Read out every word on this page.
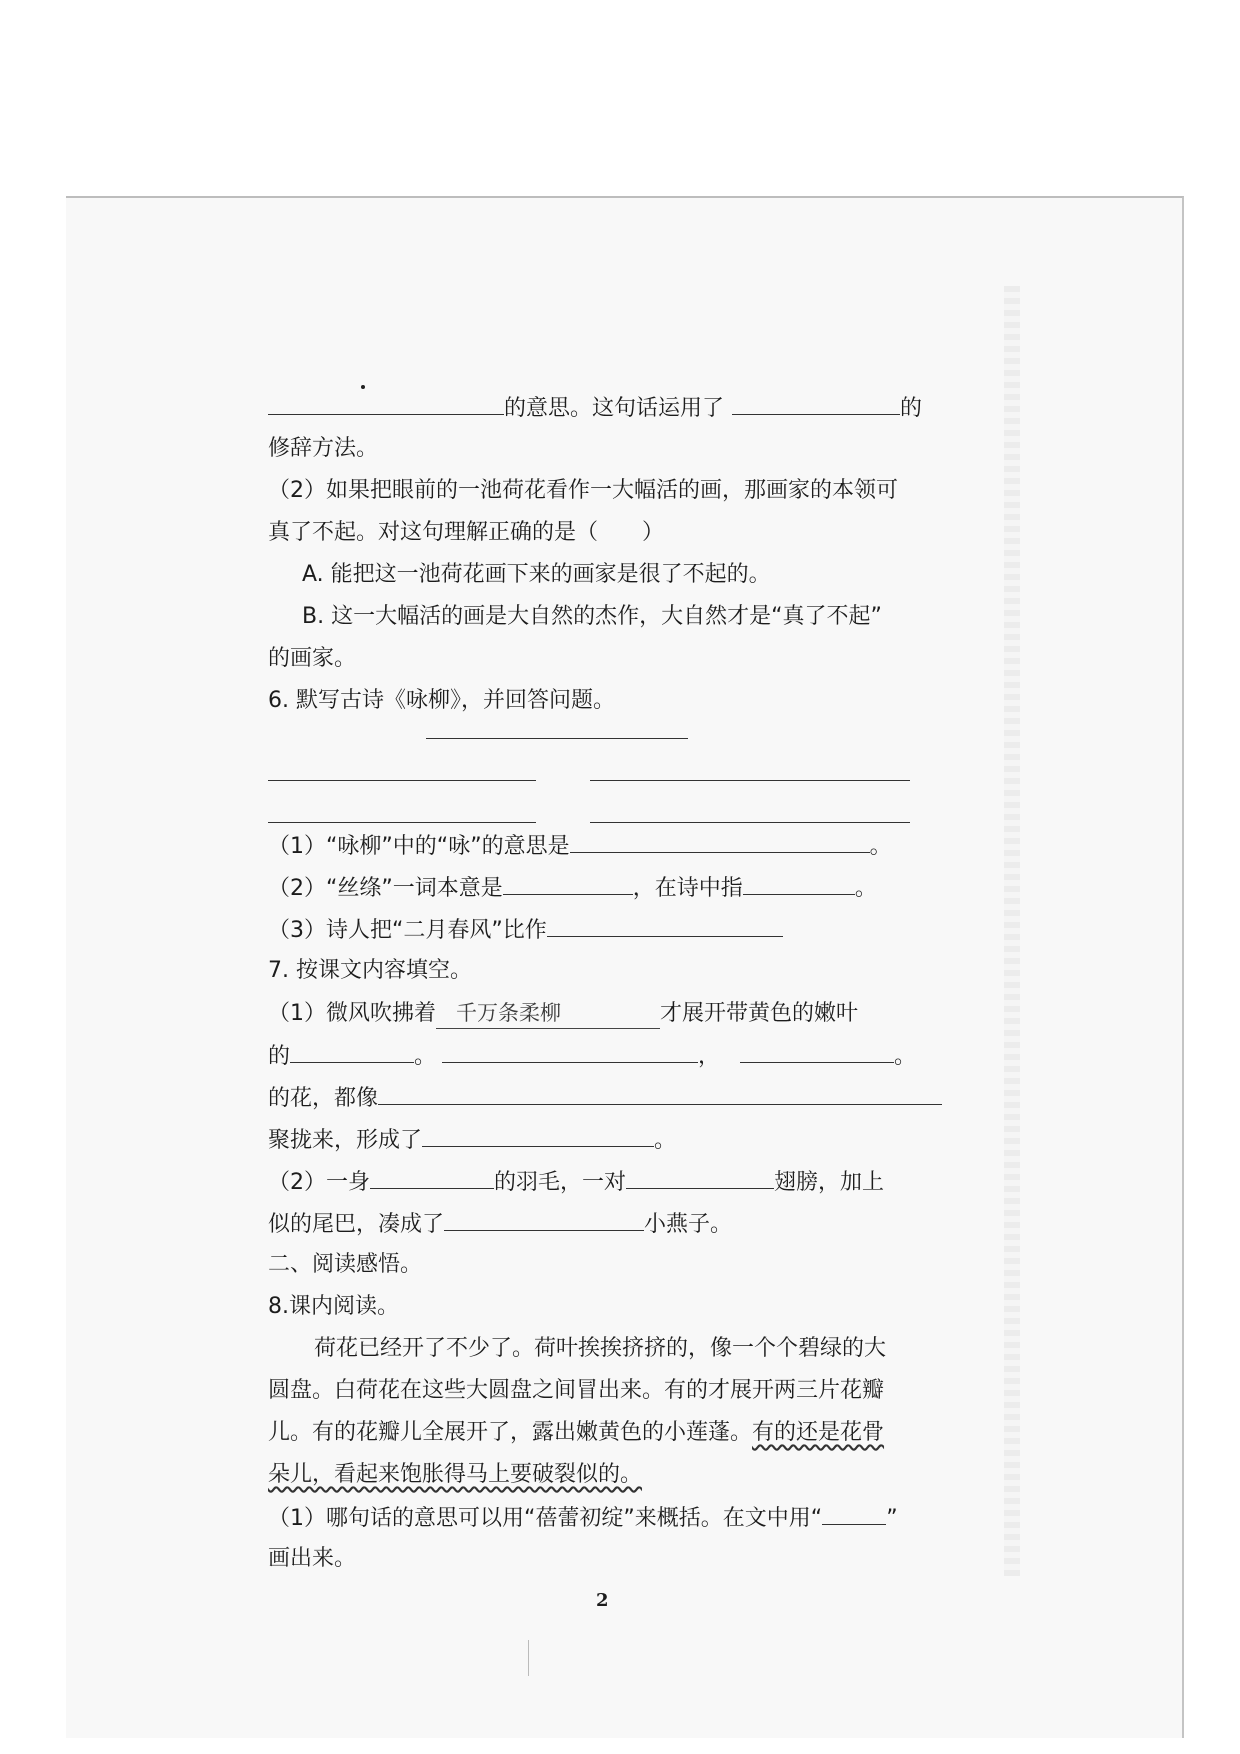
的意思。这句话运用了	的
修辞方法。
（2）如果把眼前的一池荷花看作一大幅活的画，那画家的本领可
真了不起。对这句理解正确的是（　　）
A. 能把这一池荷花画下来的画家是很了不起的。
B. 这一大幅活的画是大自然的杰作，大自然才是“真了不起”
的画家。
6. 默写古诗《咏柳》，并回答问题。
（1）“咏柳”中的“咏”的意思是	。
（2）“丝绦”一词本意是	，在诗中指	。
（3）诗人把“二月春风”比作
7. 按课文内容填空。
（1）微风吹拂着 千万条柔柳	才展开带黄色的嫩叶
的	。	，	。
的花，都像
聚拢来，形成了	。
（2）一身	的羽毛，一对	翅膀，加上
似的尾巴，凑成了	小燕子。
二、阅读感悟。
8.课内阅读。
荷花已经开了不少了。荷叶挨挨挤挤的，像一个个碧绿的大
圆盘。白荷花在这些大圆盘之间冒出来。有的才展开两三片花瓣
儿。有的花瓣儿全展开了，露出嫩黄色的小莲蓬。有的还是花骨
朵儿，看起来饱胀得马上要破裂似的。
（1）哪句话的意思可以用“蓓蕾初绽”来概括。在文中用“	”
画出来。
2
